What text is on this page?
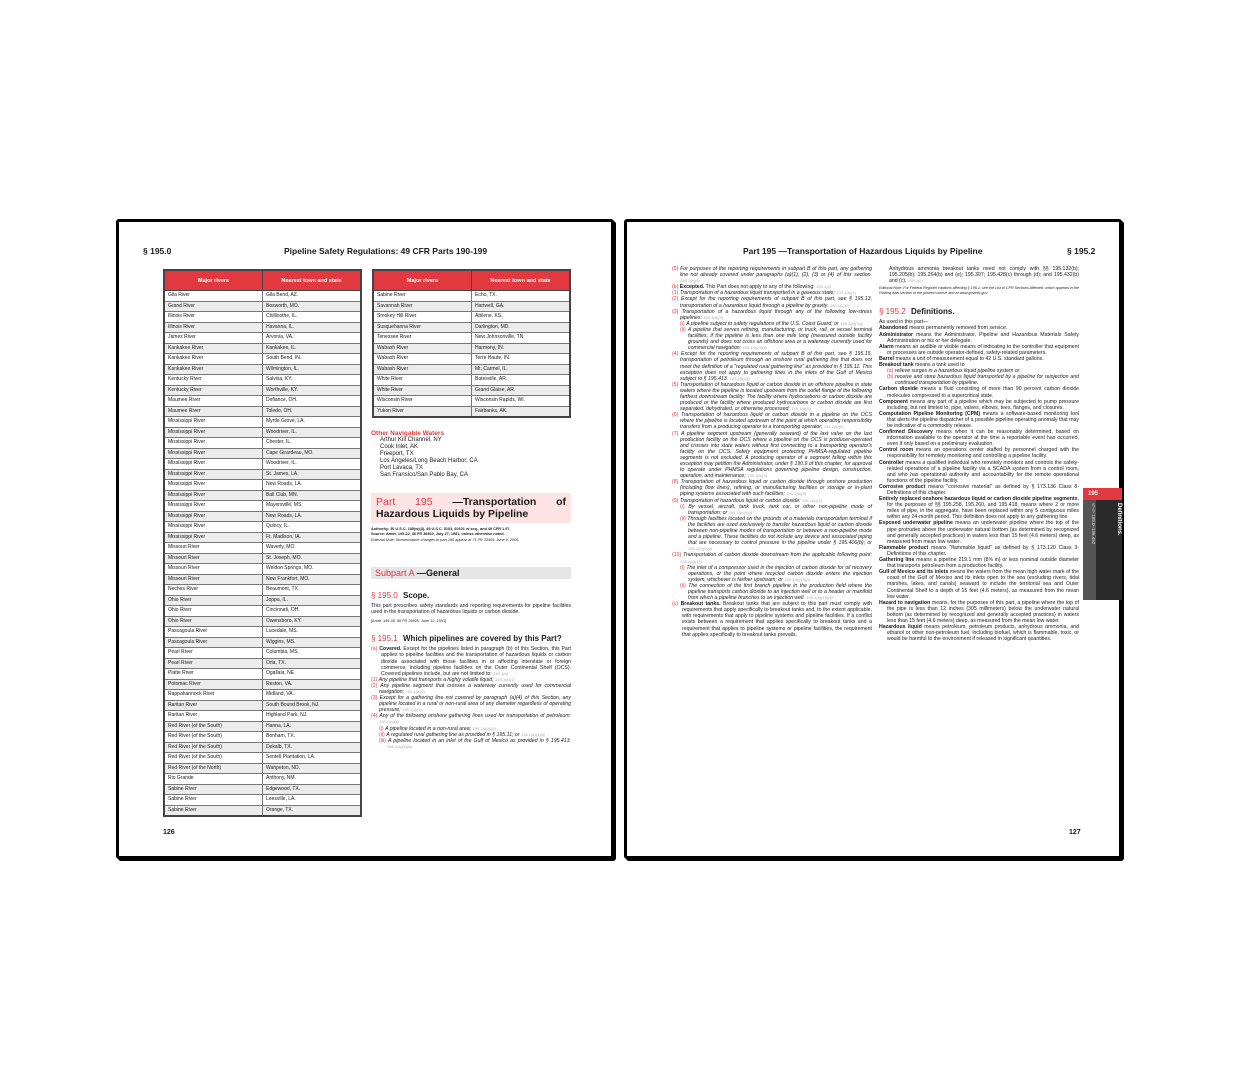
§ 195.0	Pipeline Safety Regulations: 49 CFR Parts 190-199
Major rivers	Nearest town and state
Gila River	Gila Bend, AZ.
Grand River	Bosworth, MO.
Illinois River	Chillicothe, IL.
Illinois River	Havanna, IL.
James River	Arvonia, VA.
Kankakee River	Kankakee, IL.
Kankakee River	South Bend, IN.
Kankakee River	Wilmington, IL.
Kentucky River	Salvisa, KY.
Kentucky River	Worthville, KY.
Maumee River	Defiance, OH.
Maumee River	Toledo, OH.
Mississippi River	Myrtle Grove, LA.
Mississippi River	Woodriver, IL.
Mississippi River	Chester, IL.
Mississippi River	Cape Girardeau, MO.
Mississippi River	Woodriver, IL.
Mississippi River	St. James, LA.
Mississippi River	New Roads, LA.
Mississippi River	Ball Club, MN.
Mississippi River	Mayersville, MS.
Mississippi River	New Roads, LA.
Mississippi River	Quincy, IL.
Mississippi River	Ft. Madison, IA.
Missouri River	Waverly, MO.
Missouri River	St. Joseph, MO.
Missouri River	Weldon Springs, MO.
Missouri River	New Frankfort, MO.
Neches River	Beaumont, TX.
Ohio River	Joppa, IL.
Ohio River	Cincinnati, OH.
Ohio River	Owensboro, KY.
Pascagoula River	Lucedale, MS.
Pascagoula River	Wiggins, MS.
Pearl River	Columbia, MS.
Pearl River	Orla, TX.
Platte River	Ogallala, NE.
Potomac River	Reston, VA.
Rappahannock River	Midland, VA.
Raritan River	South Bound Brook, NJ.
Raritan River	Highland Park, NJ.
Red River (of the South)	Hanna, LA.
Red River (of the South)	Bonham, TX.
Red River (of the South)	Dekalb, TX.
Red River (of the South)	Sentell Plantation, LA.
Red River (of the North)	Wahpeton, ND.
Rio Grande	Anthony, NM.
Sabine River	Edgewood, TX.
Sabine River	Leesville, LA.
Sabine River	Orange, TX.
Major rivers	Nearest town and state
Sabine River	Echo, TX.
Savannah River	Hartwell, GA.
Smokey Hill River	Abilene, KS.
Susquehanna River	Darlington, MD.
Tenessee River	New Johnsonville, TN.
Wabash River	Harmony, IN.
Wabash River	Terre Haute, IN.
Wabash River	Mt. Carmel, IL.
White River	Batesville, AR.
White River	Grand Glaise, AR.
Wisconsin River	Wisconsin Rapids, WI.
Yukon River	Fairbanks, AK.
Other Navigable Waters
Arthur Kill Channel, NY
Cook Inlet, AK
Freeport, TX
Los Angeles/Long Beach Harbor, CA
Port Lavaca, TX
San Fransico/San Pablo Bay, CA
Part 195 —Transportation of Hazardous Liquids by Pipeline
Authority: 30 U.S.C. 185(w)(3), 49 U.S.C. 5103, 60101 et seq., and 49 CFR 1.97.
Source: Amdt. 195-22, 46 FR 38360, July 27, 1981, unless otherwise noted.
Editorial Note: Nomenclature changes to part 195 appear at 71 FR 33409, June 9, 2006.
Subpart A —General
§ 195.0 Scope.
This part prescribes safety standards and reporting requirements for pipeline facilities used in the transportation of hazardous liquids or carbon dioxide.
[Amdt. 195-45, 56 FR 26925, June 12, 1991]
§ 195.1 Which pipelines are covered by this Part?
(a) Covered. Except for the pipelines listed in paragraph (b) of this Section, this Part applies to pipeline facilities and the transportation of hazardous liquids or carbon dioxide associated with those facilities in or affecting interstate or foreign commerce, including pipeline facilities on the Outer Continental Shelf (OCS). Covered pipelines include, but are not limited to: 195.1(a)
(1) Any pipeline that transports a highly volatile liquid; 195.1(a)(1)
(2) Any pipeline segment that crosses a waterway currently used for commercial navigation; 195.1(a)(2)
(3) Except for a gathering line not covered by paragraph (a)(4) of this Section, any pipeline located in a rural or non-rural area of any diameter regardless of operating pressure; 195.1(a)(3)
(4) Any of the following onshore gathering lines used for transportation of petroleum: 195.1(a)(4)
(i) A pipeline located in a non-rural area; 195.1(a)(4)(i)
(ii) A regulated rural gathering line as provided in § 195.11; or 195.1(a)(4)(ii)
(iii) A pipeline located in an inlet of the Gulf of Mexico as provided in § 195.413. 195.1(a)(4)(iii)
126
Part 195 —Transportation of Hazardous Liquids by Pipeline	§ 195.2
(5) For purposes of the reporting requirements in subpart B of this part, any gathering line not already covered under paragraphs (a)(1), (2), (3) or (4) of this section. 195.1(a)(5)
(b) Excepted. This Part does not apply to any of the following: 195.1(b)
(1) Transportation of a hazardous liquid transported in a gaseous state; 195.1(b)(1)
(2) Except for the reporting requirements of subpart B of this part, see § 195.13, transportation of a hazardous liquid through a pipeline by gravity. 195.1(b)(2)
(3) Transportation of a hazardous liquid through any of the following low-stress pipelines: 195.1(b)(3)
(i) A pipeline subject to safety regulations of the U.S. Coast Guard; or 195.1(b)(3)(i)
(ii) A pipeline that serves refining, manufacturing, or truck, rail, or vessel terminal facilities, if the pipeline is less than one mile long (measured outside facility grounds) and does not cross an offshore area or a waterway currently used for commercial navigation; 195.1(b)(3)(ii)
(4) Except for the reporting requirements of subpart B of this part, see § 195.15, transportation of petroleum through an onshore rural gathering line that does not meet the definition of a "regulated rural gathering line" as provided in § 195.11. This exception does not apply to gathering lines in the inlets of the Gulf of Mexico subject to § 195.413. 195.1(b)(4)
(5) Transportation of hazardous liquid or carbon dioxide in an offshore pipeline in state waters where the pipeline is located upstream from the outlet flange of the following farthest downstream facility: The facility where hydrocarbons or carbon dioxide are produced or the facility where produced hydrocarbons or carbon dioxide are first separated, dehydrated, or otherwise processed; 195.1(b)(5)
(6) Transportation of hazardous liquid or carbon dioxide in a pipeline on the OCS where the pipeline is located upstream of the point at which operating responsibility transfers from a producing operator to a transporting operator; 195.1(b)(6)
(7) A pipeline segment upstream (generally seaward) of the last valve on the last production facility on the OCS where a pipeline on the OCS is producer-operated and crosses into state waters without first connecting to a transporting operator's facility on the OCS. Safety equipment protecting PHMSA-regulated pipeline segments is not excluded. A producing operator of a segment falling within this exception may petition the Administrator, under § 190.9 of this chapter, for approval to operate under PHMSA regulations governing pipeline design, construction, operation, and maintenance; 195.1(b)(7)
(8) Transportation of hazardous liquid or carbon dioxide through onshore production (including flow lines), refining, or manufacturing facilities or storage or in-plant piping systems associated with such facilities; 195.1(b)(8)
(9) Transportation of hazardous liquid or carbon dioxide: 195.1(b)(9)
(i) By vessel, aircraft, tank truck, tank car, or other non-pipeline mode of transportation; or 195.1(b)(9)(i)
(ii) Through facilities located on the grounds of a materials transportation terminal if the facilities are used exclusively to transfer hazardous liquid or carbon dioxide between non-pipeline modes of transportation or between a non-pipeline mode and a pipeline. These facilities do not include any device and associated piping that are necessary to control pressure in the pipeline under § 195.406(b); or 195.1(b)(9)(ii)
(10) Transportation of carbon dioxide downstream from the applicable following point: 195.1(b)(10)
(i) The inlet of a compressor used in the injection of carbon dioxide for oil recovery operations, or the point where recycled carbon dioxide enters the injection system, whichever is farther upstream; or 195.1(b)(10)(i)
(ii) The connection of the first branch pipeline in the production field where the pipeline transports carbon dioxide to an injection well or to a header or manifold from which a pipeline branches to an injection well. 195.1(b)(10)(ii)
(c) Breakout tanks. Breakout tanks that are subject to this part must comply with requirements that apply specifically to breakout tanks and, to the extent applicable, with requirements that apply to pipeline systems and pipeline facilities. If a conflict exists between a requirement that applies specifically to breakout tanks and a requirement that applies to pipeline systems or pipeline facilities, the requirement that applies specifically to breakout tanks prevails.
Anhydrous ammonia breakout tanks need not comply with §§ 195.132(b); 195.205(b); 195.264(b) and (e); 195.307; 195.428(c) through (d); and 195.432(b) and (c). 195.1(c)
Editorial Note: For Federal Register citations affecting § 195.1, see the List of CFR Sections Affected, which appears in the Finding Aids section of the printed volume and at www.govinfo.gov.
§ 195.2 Definitions.
As used in this part—
Abandoned means permanently removed from service.
Administrator means the Administrator, Pipeline and Hazardous Materials Safety Administration or his or her delegate.
Alarm means an audible or visible means of indicating to the controller that equipment or processes are outside operator-defined, safety-related parameters.
Barrel means a unit of measurement equal to 42 U.S. standard gallons.
Breakout tank means a tank used to
(a) relieve surges in a hazardous liquid pipeline system or
(b) receive and store hazardous liquid transported by a pipeline for reinjection and continued transportation by pipeline.
Carbon dioxide means a fluid consisting of more than 90 percent carbon dioxide molecules compressed to a supercritical state.
Component means any part of a pipeline which may be subjected to pump pressure including, but not limited to, pipe, valves, elbows, tees, flanges, and closures.
Computation Pipeline Monitoring (CPM) means a software-based monitoring tool that alerts the pipeline dispatcher of a possible pipeline operating anomaly that may be indicative of a commodity release.
Confirmed Discovery means when it can be reasonably determined, based on information available to the operator at the time a reportable event has occurred, even if only based on a preliminary evaluation.
Control room means an operations center staffed by personnel charged with the responsibility for remotely monitoring and controlling a pipeline facility.
Controller means a qualified individual who remotely monitors and controls the safety-related operations of a pipeline facility via a SCADA system from a control room, and who has operational authority and accountability for the remote operational functions of the pipeline facility.
Corrosive product means "corrosive material" as defined by § 173.136 Class 8-Definitions of this chapter.
Entirely replaced onshore hazardous liquid or carbon dioxide pipeline segments, for the purposes of §§ 195.258, 195.260, and 195.418, means where 2 or more miles of pipe, in the aggregate, have been replaced within any 5 contiguous miles within any 24-month period. This definition does not apply to any gathering line.
Exposed underwater pipeline means an underwater pipeline where the top of the pipe protrudes above the underwater natural bottom (as determined by recognized and generally accepted practices) in waters less than 15 feet (4.6 meters) deep, as measured from mean low water.
Flammable product means "flammable liquid" as defined by § 173.120 Class 3-Definitions of this chapter.
Gathering line means a pipeline 219.1 mm (8⅝ in) or less nominal outside diameter that transports petroleum from a production facility.
Gulf of Mexico and its inlets means the waters from the mean high water mark of the coast of the Gulf of Mexico and its inlets open to the sea (excluding rivers, tidal marshes, lakes, and canals) seaward to include the territorial sea and Outer Continental Shelf to a depth of 15 feet (4.6 meters), as measured from the mean low water.
Hazard to navigation means, for the purposes of this part, a pipeline where the top of the pipe is less than 12 inches (305 millimeters) below the underwater natural bottom (as determined by recognized and generally accepted practices) in waters less than 15 feet (4.6 meters) deep, as measured from the mean low water.
Hazardous liquid means petroleum, petroleum products, anhydrous ammonia, and ethanol or other non-petroleum fuel, including biofuel, which is flammable, toxic, or would be harmful to the environment if released in significant quantities.
127
195
§§ 195.0–195.452	Definitions.
